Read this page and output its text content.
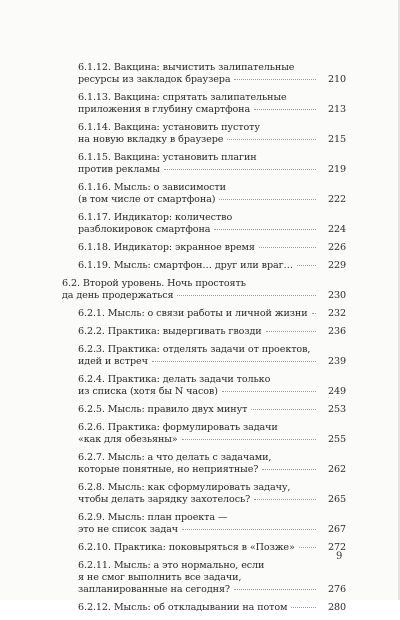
6.1.12. Вакцина: вычистить залипательные
ресурсы из закладок браузера	210
6.1.13. Вакцина: спрятать залипательные
приложения в глубину смартфона	213
6.1.14. Вакцина: установить пустоту
на новую вкладку в браузере	215
6.1.15. Вакцина: установить плагин
против рекламы	219
6.1.16. Мысль: о зависимости
(в том числе от смартфона)	222
6.1.17. Индикатор: количество
разблокировок смартфона	224
6.1.18. Индикатор: экранное время	226
6.1.19. Мысль: смартфон… друг или враг…	229
6.2. Второй уровень. Ночь простоять
да день продержаться	230
6.2.1. Мысль: о связи работы и личной жизни 232
6.2.2. Практика: выдергивать гвозди	236
6.2.3. Практика: отделять задачи от проектов,
идей и встреч	239
6.2.4. Практика: делать задачи только
из списка (хотя бы N часов)	249
6.2.5. Мысль: правило двух минут	253
6.2.6. Практика: формулировать задачи
«как для обезьяны»	255
6.2.7. Мысль: а что делать с задачами,
которые понятные, но неприятные?	262
6.2.8. Мысль: как сформулировать задачу,
чтобы делать зарядку захотелось?	265
6.2.9. Мысль: план проекта —
это не список задач	267
6.2.10. Практика: поковыряться в «Позже»	272
6.2.11. Мысль: а это нормально, если
я не смог выполнить все задачи,
запланированные на сегодня?	276
6.2.12. Мысль: об откладывании на потом	280
9
